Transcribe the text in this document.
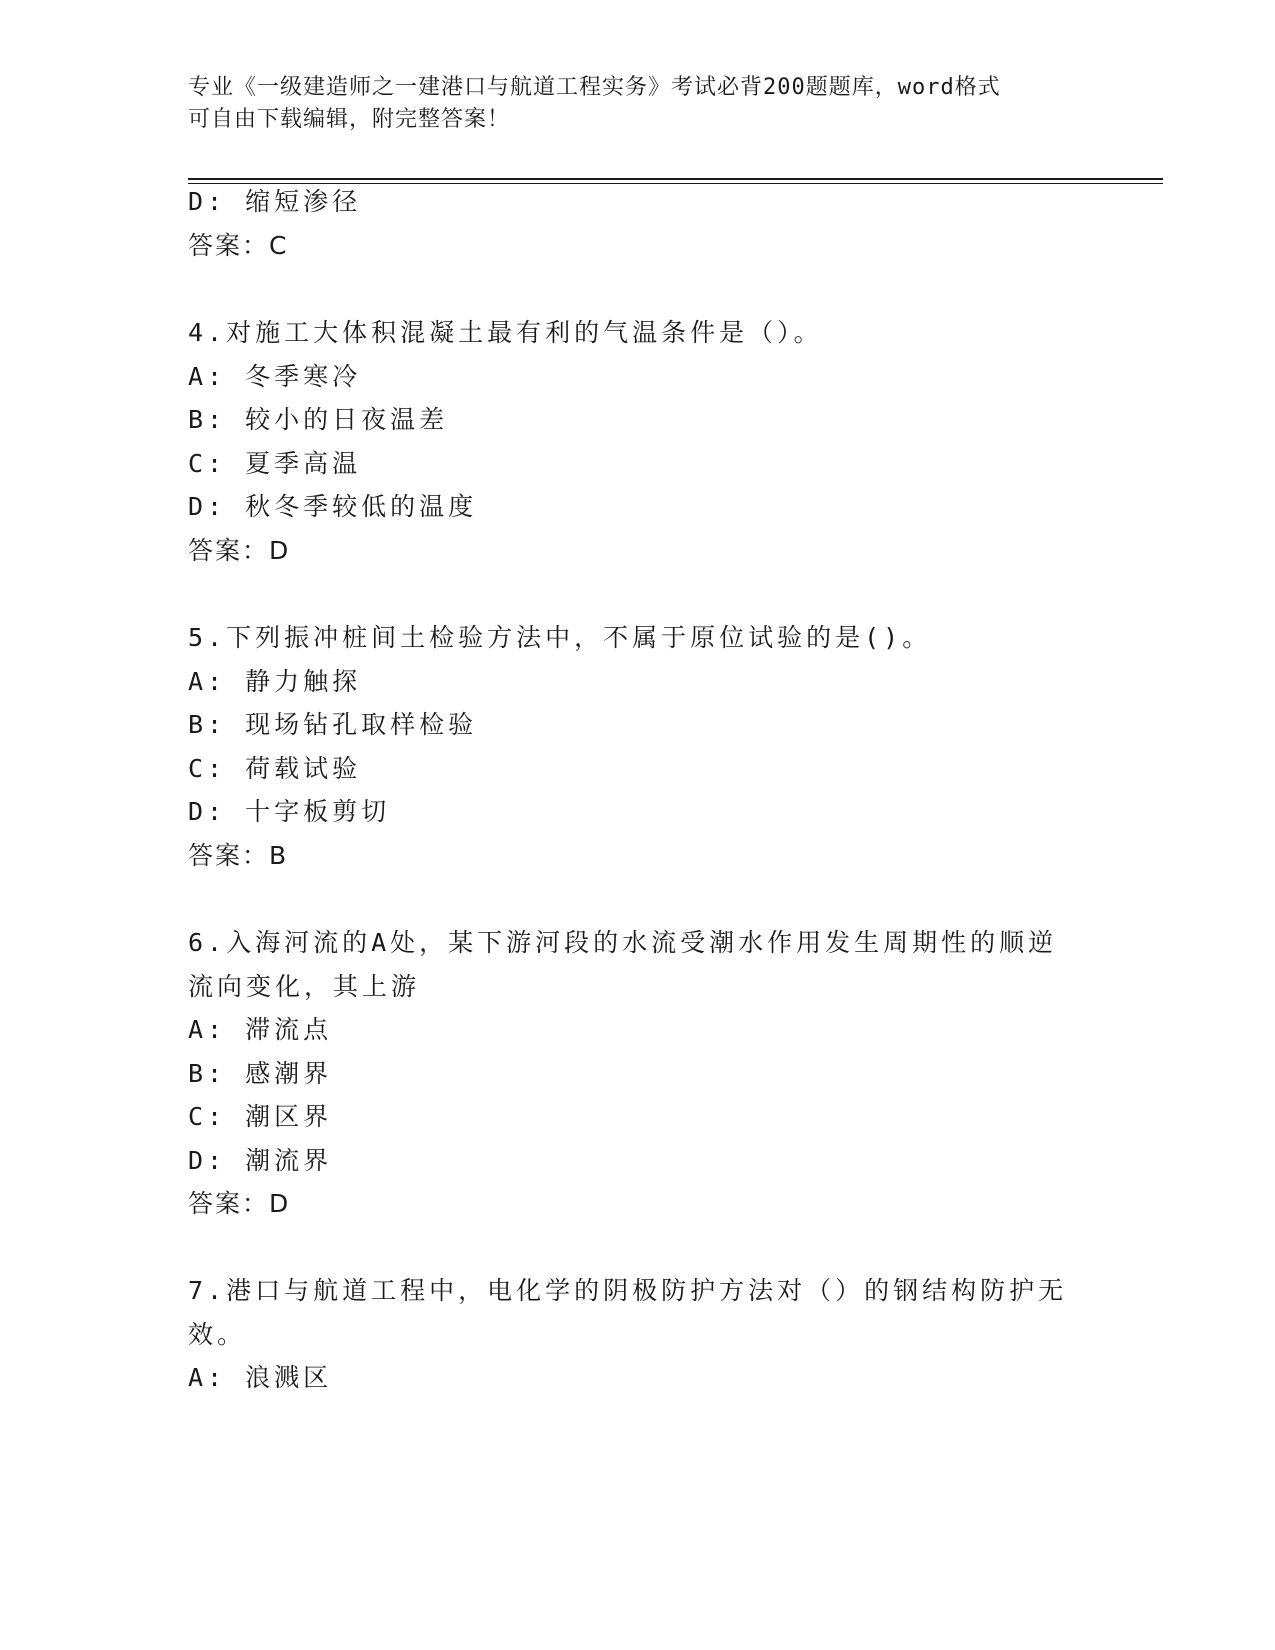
专业《一级建造师之一建港口与航道工程实务》考试必背200题题库，word格式
可自由下载编辑，附完整答案！
D: 缩短渗径
答案：C
4.对施工大体积混凝土最有利的气温条件是（）。
A: 冬季寒冷
B: 较小的日夜温差
C: 夏季高温
D: 秋冬季较低的温度
答案：D
5.下列振冲桩间土检验方法中，不属于原位试验的是()。
A: 静力触探
B: 现场钻孔取样检验
C: 荷载试验
D: 十字板剪切
答案：B
6.入海河流的A处，某下游河段的水流受潮水作用发生周期性的顺逆
流向变化，其上游
A: 滞流点
B: 感潮界
C: 潮区界
D: 潮流界
答案：D
7.港口与航道工程中，电化学的阴极防护方法对（）的钢结构防护无
效。
A: 浪溅区
